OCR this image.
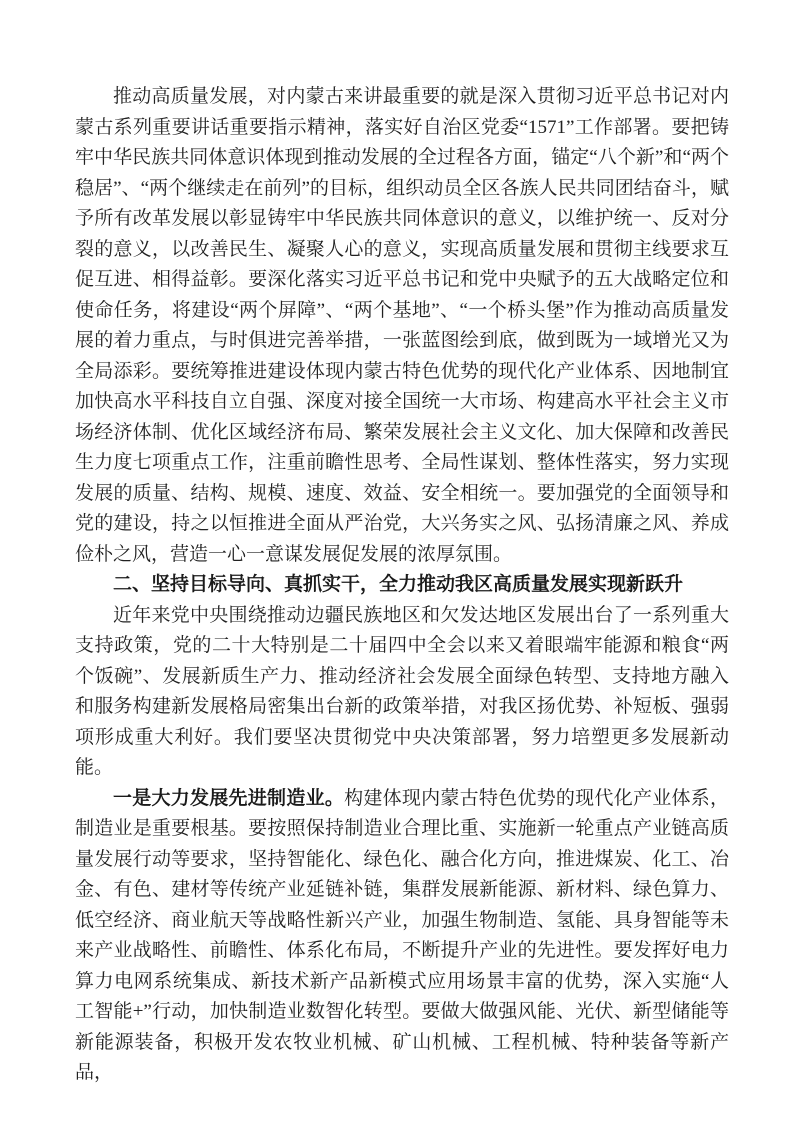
推动高质量发展，对内蒙古来讲最重要的就是深入贯彻习近平总书记对内蒙古系列重要讲话重要指示精神，落实好自治区党委“1571”工作部署。要把铸牢中华民族共同体意识体现到推动发展的全过程各方面，锚定“八个新”和“两个稳居”、“两个继续走在前列”的目标，组织动员全区各族人民共同团结奋斗，赋予所有改革发展以彰显铸牢中华民族共同体意识的意义，以维护统一、反对分裂的意义，以改善民生、凝聚人心的意义，实现高质量发展和贯彻主线要求互促互进、相得益彰。要深化落实习近平总书记和党中央赋予的五大战略定位和使命任务，将建设“两个屏障”、“两个基地”、“一个桥头堡”作为推动高质量发展的着力重点，与时俱进完善举措，一张蓝图绘到底，做到既为一域增光又为全局添彩。要统筹推进建设体现内蒙古特色优势的现代化产业体系、因地制宜加快高水平科技自立自强、深度对接全国统一大市场、构建高水平社会主义市场经济体制、优化区域经济布局、繁荣发展社会主义文化、加大保障和改善民生力度七项重点工作，注重前瞻性思考、全局性谋划、整体性落实，努力实现发展的质量、结构、规模、速度、效益、安全相统一。要加强党的全面领导和党的建设，持之以恒推进全面从严治党，大兴务实之风、弘扬清廉之风、养成俭朴之风，营造一心一意谋发展促发展的浓厚氛围。

二、坚持目标导向、真抓实干，全力推动我区高质量发展实现新跃升

近年来党中央围绕推动边疆民族地区和欠发达地区发展出台了一系列重大支持政策，党的二十大特别是二十届四中全会以来又着眼端牢能源和粮食“两个饭碗”、发展新质生产力、推动经济社会发展全面绿色转型、支持地方融入和服务构建新发展格局密集出台新的政策举措，对我区扬优势、补短板、强弱项形成重大利好。我们要坚决贯彻党中央决策部署，努力培塑更多发展新动能。

一是大力发展先进制造业。构建体现内蒙古特色优势的现代化产业体系，制造业是重要根基。要按照保持制造业合理比重、实施新一轮重点产业链高质量发展行动等要求，坚持智能化、绿色化、融合化方向，推进煤炭、化工、冶金、有色、建材等传统产业延链补链，集群发展新能源、新材料、绿色算力、低空经济、商业航天等战略性新兴产业，加强生物制造、氢能、具身智能等未来产业战略性、前瞻性、体系化布局，不断提升产业的先进性。要发挥好电力算力电网系统集成、新技术新产品新模式应用场景丰富的优势，深入实施“人工智能+”行动，加快制造业数智化转型。要做大做强风能、光伏、新型储能等新能源装备，积极开发农牧业机械、矿山机械、工程机械、特种装备等新产品，
